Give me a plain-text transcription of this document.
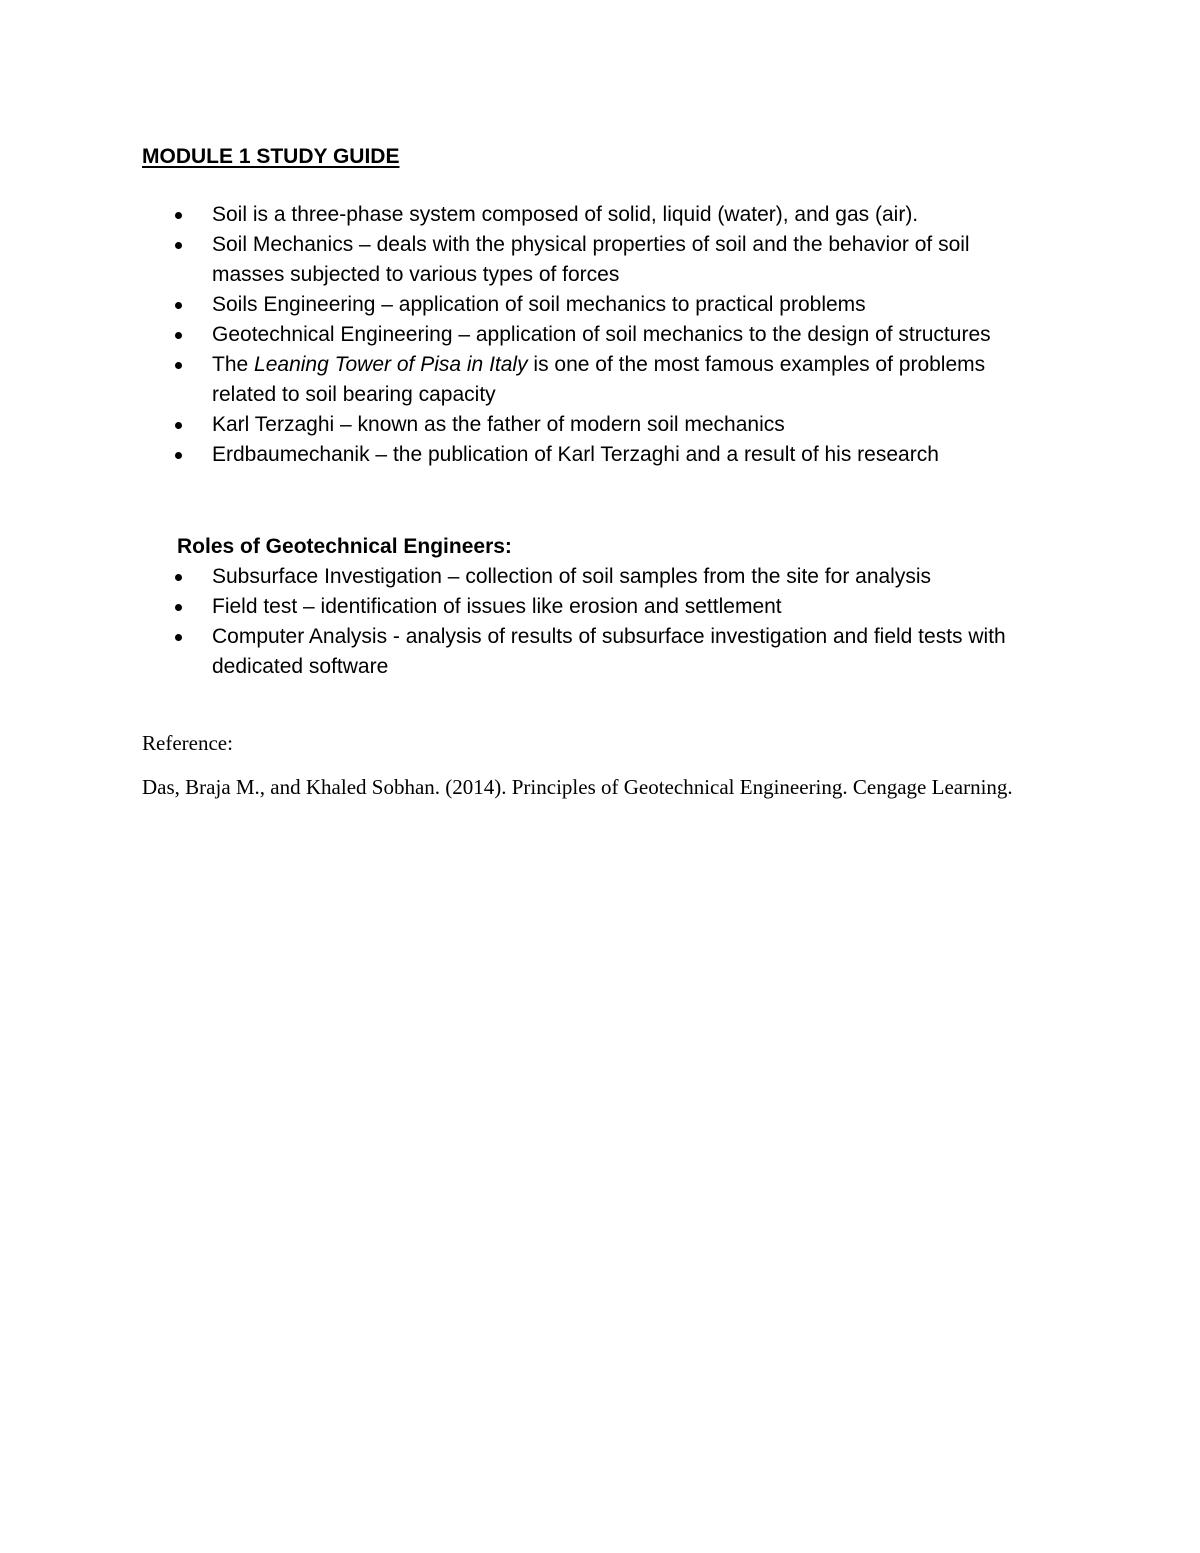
MODULE 1 STUDY GUIDE
Soil is a three-phase system composed of solid, liquid (water), and gas (air).
Soil Mechanics – deals with the physical properties of soil and the behavior of soil masses subjected to various types of forces
Soils Engineering – application of soil mechanics to practical problems
Geotechnical Engineering – application of soil mechanics to the design of structures
The Leaning Tower of Pisa in Italy is one of the most famous examples of problems related to soil bearing capacity
Karl Terzaghi – known as the father of modern soil mechanics
Erdbaumechanik – the publication of Karl Terzaghi and a result of his research
Roles of Geotechnical Engineers:
Subsurface Investigation – collection of soil samples from the site for analysis
Field test – identification of issues like erosion and settlement
Computer Analysis - analysis of results of subsurface investigation and field tests with dedicated software

Reference:

Das, Braja M., and Khaled Sobhan. (2014). Principles of Geotechnical Engineering. Cengage Learning.
